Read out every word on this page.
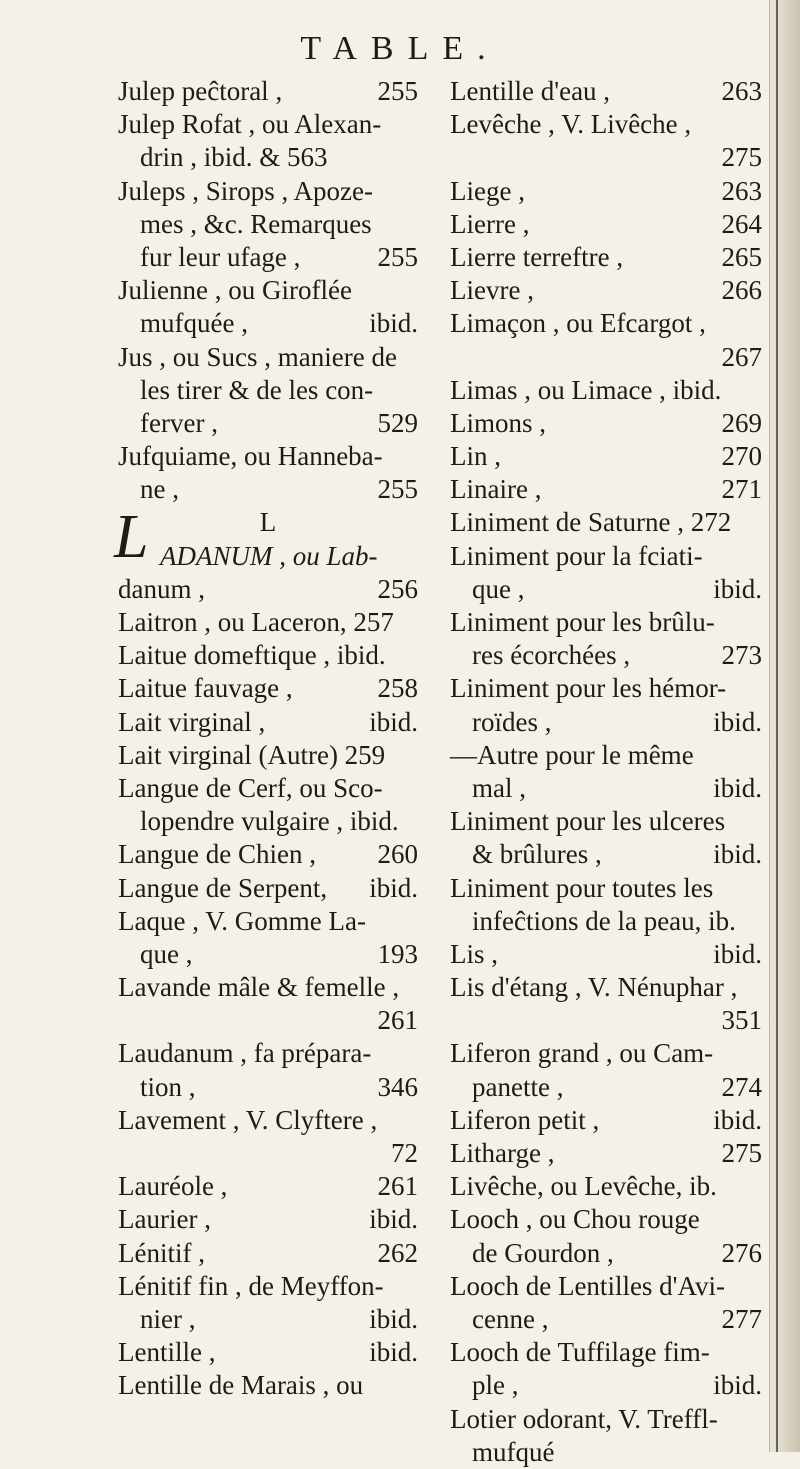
TABLE.
Julep peĉtoral ,	255
Julep Rofat , ou Alexan-
drin , ibid. & 563
Juleps , Sirops , Apoze-
mes , &c. Remarques
fur leur ufage ,	255
Julienne , ou Giroflée
mufquée ,	ibid.
Jus , ou Sucs , maniere de
les tirer & de les con-
ferver ,	529
Jufquiame, ou Hanneba-
ne ,	255
L
L ADANUM , ou Lab-
danum ,	256
Laitron , ou Laceron, 257
Laitue domeftique , ibid.
Laitue fauvage ,	258
Lait virginal ,	ibid.
Lait virginal (Autre) 259
Langue de Cerf, ou Sco-
lopendre vulgaire , ibid.
Langue de Chien , 260
Langue de Serpent, ibid.
Laque , V. Gomme La-
que ,	193
Lavande mâle & femelle ,
261
Laudanum , fa prépara-
tion ,	346
Lavement , V. Clyftere ,
72
Lauréole ,	261
Laurier ,	ibid.
Lénitif ,	262
Lénitif fin , de Meyffon-
nier ,	ibid.
Lentille ,	ibid.
Lentille de Marais , ou
Lentille d'eau ,	263
Levêche , V. Livêche ,
275
Liege ,	263
Lierre ,	264
Lierre terreftre ,	265
Lievre ,	266
Limaçon , ou Efcargot ,
267
Limas , ou Limace , ibid.
Limons ,	269
Lin ,	270
Linaire ,	271
Liniment de Saturne , 272
Liniment pour la fciati-
que ,	ibid.
Liniment pour les brûlu-
res écorchées ,	273
Liniment pour les hémor-
roïdes ,	ibid.
—Autre pour le même
mal ,	ibid.
Liniment pour les ulceres
& brûlures ,	ibid.
Liniment pour toutes les
infeĉtions de la peau, ib.
Lis ,	ibid.
Lis d'étang , V. Nénuphar ,
351
Liferon grand , ou Cam-
panette ,	274
Liferon petit ,	ibid.
Litharge ,	275
Livêche, ou Levêche, ib.
Looch , ou Chou rouge
de Gourdon ,	276
Looch de Lentilles d'Avi-
cenne ,	277
Looch de Tuffilage fim-
ple ,	ibid.
Lotier odorant, V. Treffl-
mufqué
